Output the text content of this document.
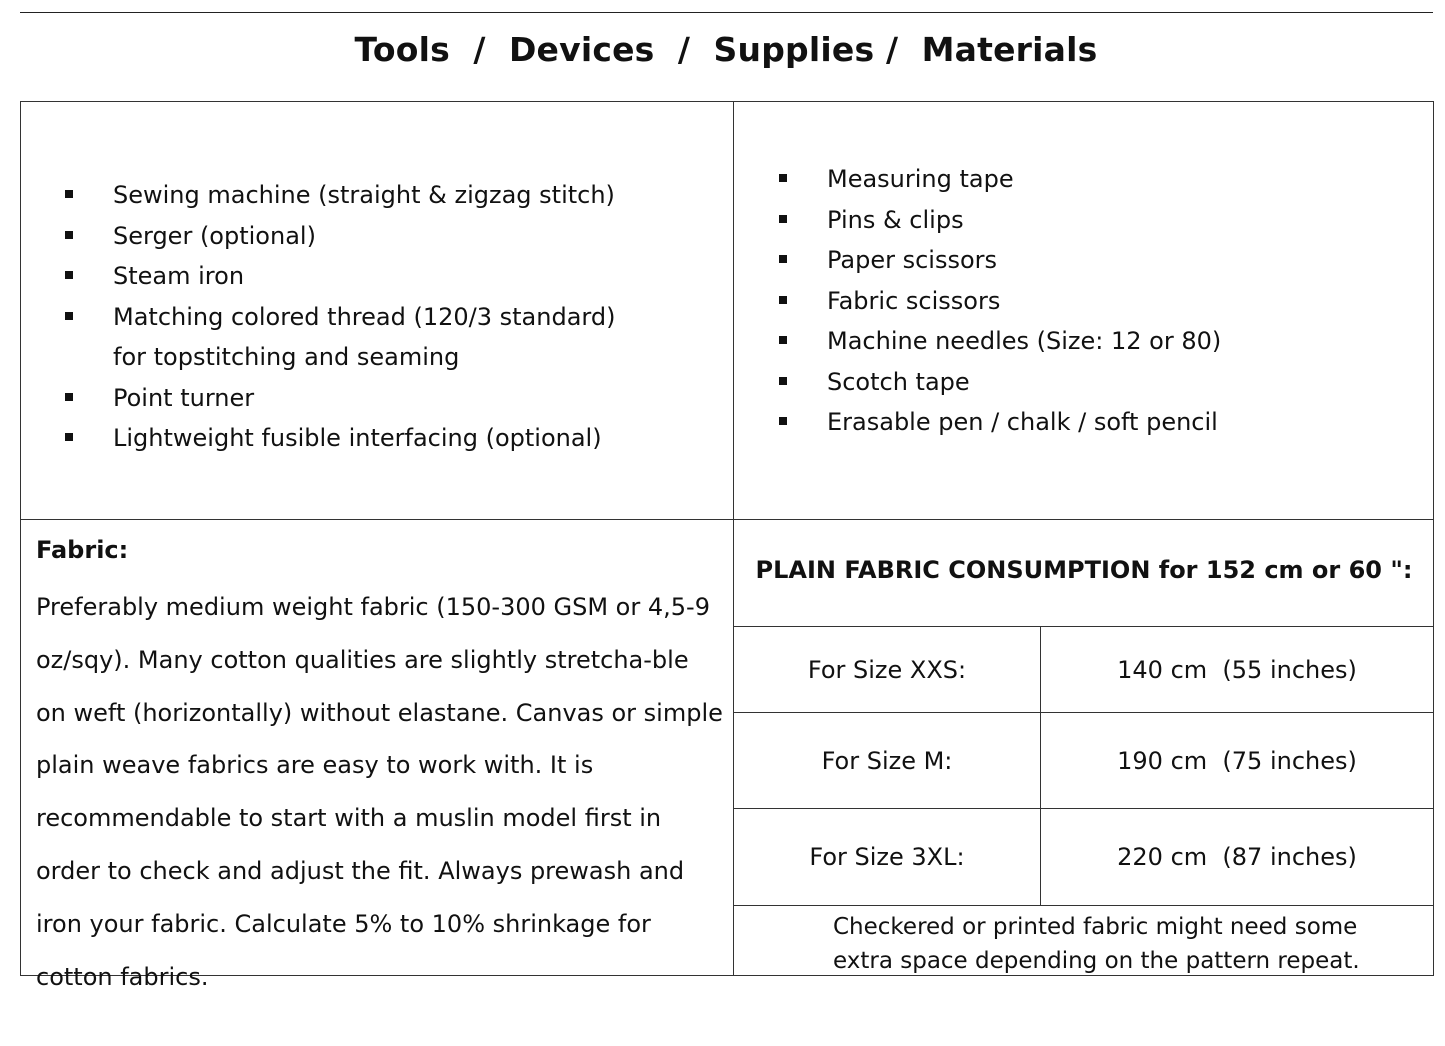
Tools  /  Devices  /  Supplies /  Materials
Sewing machine (straight & zigzag stitch)
Serger (optional)
Steam iron
Matching colored thread (120/3 standard)
for topstitching and seaming
Point turner
Lightweight fusible interfacing (optional)
Measuring tape
Pins & clips
Paper scissors
Fabric scissors
Machine needles (Size: 12 or 80)
Scotch tape
Erasable pen / chalk / soft pencil

Fabric:

Preferably medium weight fabric (150-300 GSM or 4,5-9 oz/sqy). Many cotton qualities are slightly stretcha-ble on weft (horizontally) without elastane. Canvas or simple plain weave fabrics are easy to work with. It is recommendable to start with a muslin model first in order to check and adjust the fit. Always prewash and iron your fabric. Calculate 5% to 10% shrinkage for cotton fabrics.

PLAIN FABRIC CONSUMPTION for 152 cm or 60 ":

For Size XXS:	140 cm  (55 inches)
For Size M:	190 cm  (75 inches)
For Size 3XL:	220 cm  (87 inches)

Checkered or printed fabric might need some extra space depending on the pattern repeat.
